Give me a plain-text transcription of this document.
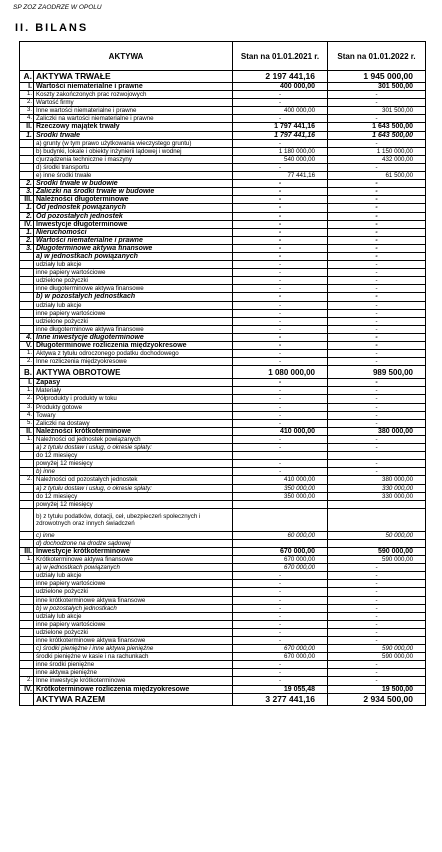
SP ZOZ ZAODRZE W OPOLU
II. BILANS
AKTYWA		Stan na 01.01.2021 r.	Stan na 01.01.2022 r.
A.	AKTYWA TRWAŁE	2 197 441,16	1 945 000,00
I.	Wartości niematerialne i prawne	400 000,00	301 500,00
1.	Koszty zakończonych prac rozwojowych	-	-
2.	Wartość firmy	-	-
3.	Inne wartości niematerialne i prawne	400 000,00	301 500,00
4.	Zaliczki na wartości niematerialne i prawne	-	-
II.	Rzeczowy majątek trwały	1 797 441,16	1 643 500,00
1.	Środki trwałe	1 797 441,16	1 643 500,00
	a) grunty (w tym prawo użytkowania wieczystego gruntu)	-	-
	b) budynki, lokale i obiekty inżynierii lądowej i wodnej	1 180 000,00	1 150 000,00
	c)urządzenia techniczne i maszyny	540 000,00	432 000,00
	d) środki transportu	-	-
	e) inne środki trwałe	77 441,16	61 500,00
2.	Środki trwałe w budowie	-	-
3.	Zaliczki na środki trwałe w budowie	-	-
III.	Należności długoterminowe	-	-
1.	Od jednostek powiązanych	-	-
2.	Od pozostałych jednostek	-	-
IV.	Inwestycje długoterminowe	-	-
1.	Nieruchomości	-	-
2.	Wartości niematerialne i prawne	-	-
3.	Długoterminowe aktywa finansowe	-	-
	a) w jednostkach powiązanych	-	-
	udziały lub akcje	-	-
	inne papiery wartościowe	-	-
	udzielone pożyczki	-	-
	inne długoterminowe aktywa finansowe	-	-
	b) w pozostałych jednostkach	-	-
	udziały lub akcje	-	-
	inne papiery wartościowe	-	-
	udzielone pożyczki	-	-
	inne długoterminowe aktywa finansowe	-	-
4.	Inne inwestycje długoterminowe	-	-
V.	Długoterminowe rozliczenia międzyokresowe	-	-
1.	Aktywa z tytułu odroczonego podatku dochodowego	-	-
2.	Inne rozliczenia międzyokresowe	-	-
B.	AKTYWA OBROTOWE	1 080 000,00	989 500,00
I.	Zapasy	-	-
1.	Materiały	-	-
2.	Półprodukty i produkty w toku	-	-
3.	Produkty gotowe	-	-
4.	Towary	-	-
5.	Zaliczki na dostawy	-	-
II.	Należności krótkoterminowe	410 000,00	380 000,00
1.	Należności od jednostek powiązanych	-	-
	a) z tytułu dostaw i usług, o okresie spłaty:	-	-
	do 12 miesięcy		
	powyżej 12 miesięcy	-	-
	b) inne	-	-
2.	Należności od pozostałych jednostek	410 000,00	380 000,00
	a) z tytułu dostaw i usług, o okresie spłaty:	350 000,00	330 000,00
	do 12 miesięcy	350 000,00	330 000,00
	powyżej 12 miesięcy		
	b) z tytułu podatków, dotacji, ceł, ubezpieczeń społecznych i zdrowotnych oraz innych świadczeń		
	c) inne	60 000,00	50 000,00
	d) dochodzone na drodze sądowej		
III.	Inwestycje krótkoterminowe	670 000,00	590 000,00
1.	Krótkoterminowe aktywa finansowe	670 000,00	590 000,00
	a) w jednostkach powiązanych	670 000,00	-
	udziały lub akcje	-	-
	inne papiery wartościowe	-	-
	udzielone pożyczki	-	-
	inne krótkoterminowe aktywa finansowe	-	-
	b) w pozostałych jednostkach	-	-
	udziały lub akcje	-	-
	inne papiery wartościowe	-	-
	udzielone pożyczki	-	-
	inne krótkoterminowe aktywa finansowe	-	-
	c) środki pieniężne i inne aktywa pieniężne	670 000,00	590 000,00
	środki pieniężne w kasie i na rachunkach	670 000,00	590 000,00
	inne środki pieniężne	-	-
	inne aktywa pieniężne	-	-
2.	Inne inwestycje krótkoterminowe	-	-
IV.	Krótkoterminowe rozliczenia międzyokresowe	19 055,48	19 500,00
	AKTYWA RAZEM	3 277 441,16	2 934 500,00
